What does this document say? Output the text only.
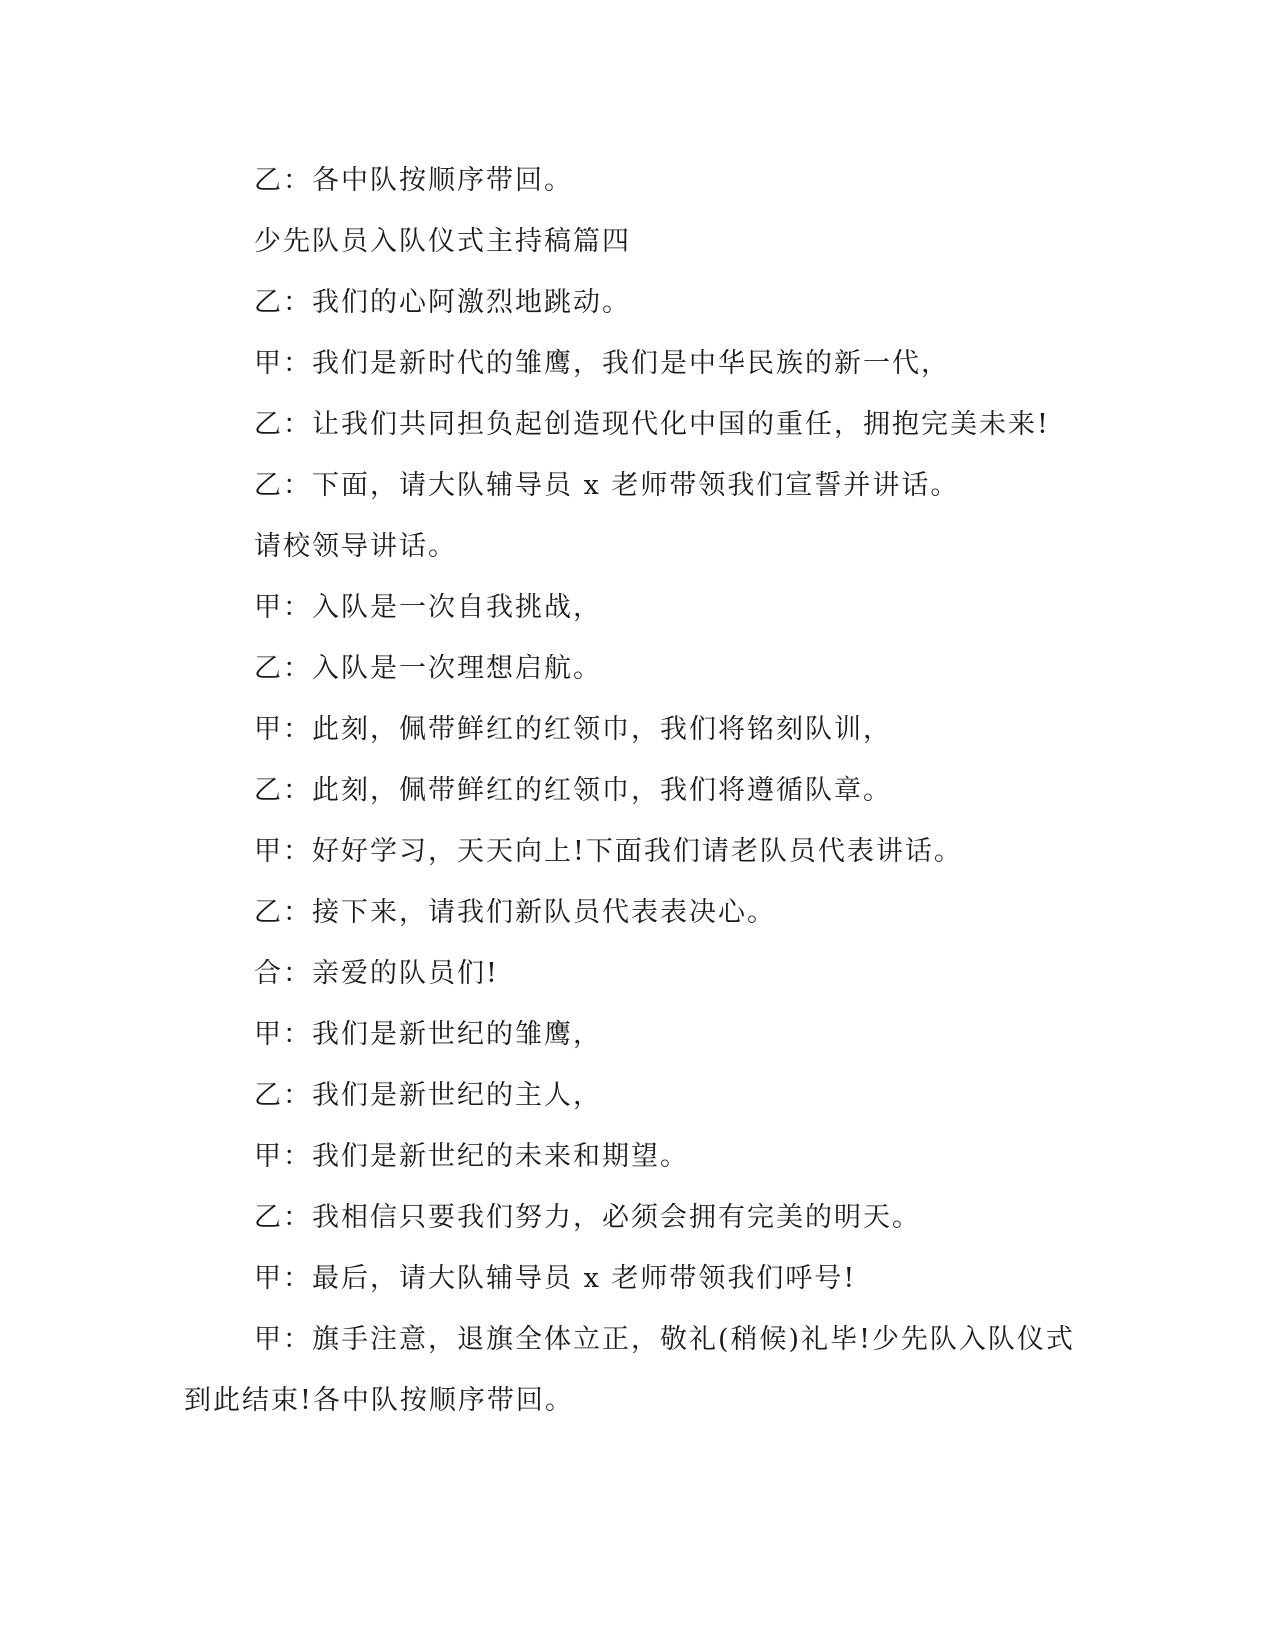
乙：各中队按顺序带回。
少先队员入队仪式主持稿篇四
乙：我们的心阿激烈地跳动。
甲：我们是新时代的雏鹰，我们是中华民族的新一代，
乙：让我们共同担负起创造现代化中国的重任，拥抱完美未来!
乙：下面，请大队辅导员 x 老师带领我们宣誓并讲话。
请校领导讲话。
甲：入队是一次自我挑战，
乙：入队是一次理想启航。
甲：此刻，佩带鲜红的红领巾，我们将铭刻队训，
乙：此刻，佩带鲜红的红领巾，我们将遵循队章。
甲：好好学习，天天向上!下面我们请老队员代表讲话。
乙：接下来，请我们新队员代表表决心。
合：亲爱的队员们!
甲：我们是新世纪的雏鹰，
乙：我们是新世纪的主人，
甲：我们是新世纪的未来和期望。
乙：我相信只要我们努力，必须会拥有完美的明天。
甲：最后，请大队辅导员 x 老师带领我们呼号!
甲：旗手注意，退旗全体立正，敬礼(稍候)礼毕!少先队入队仪式
到此结束!各中队按顺序带回。
